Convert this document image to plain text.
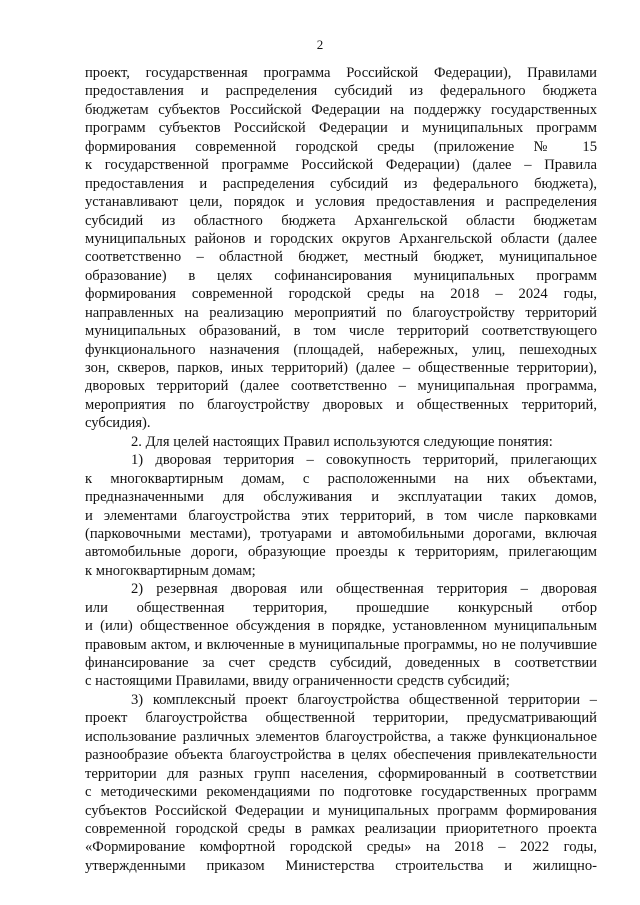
2

проект, государственная программа Российской Федерации), Правилами
предоставления и распределения субсидий из федерального бюджета
бюджетам субъектов Российской Федерации на поддержку государственных
программ субъектов Российской Федерации и муниципальных программ
формирования современной городской среды (приложение № 15
к государственной программе Российской Федерации) (далее – Правила
предоставления и распределения субсидий из федерального бюджета),
устанавливают цели, порядок и условия предоставления и распределения
субсидий из областного бюджета Архангельской области бюджетам
муниципальных районов и городских округов Архангельской области (далее
соответственно – областной бюджет, местный бюджет, муниципальное
образование) в целях софинансирования муниципальных программ
формирования современной городской среды на 2018 – 2024 годы,
направленных на реализацию мероприятий по благоустройству территорий
муниципальных образований, в том числе территорий соответствующего
функционального назначения (площадей, набережных, улиц, пешеходных
зон, скверов, парков, иных территорий) (далее – общественные территории),
дворовых территорий (далее соответственно – муниципальная программа,
мероприятия по благоустройству дворовых и общественных территорий,
субсидия).

2. Для целей настоящих Правил используются следующие понятия:

1) дворовая территория – совокупность территорий, прилегающих
к многоквартирным домам, с расположенными на них объектами,
предназначенными для обслуживания и эксплуатации таких домов,
и элементами благоустройства этих территорий, в том числе парковками
(парковочными местами), тротуарами и автомобильными дорогами, включая
автомобильные дороги, образующие проезды к территориям, прилегающим
к многоквартирным домам;

2) резервная дворовая или общественная территория – дворовая
или общественная территория, прошедшие конкурсный отбор
и (или) общественное обсуждения в порядке, установленном муниципальным
правовым актом, и включенные в муниципальные программы, но не получившие
финансирование за счет средств субсидий, доведенных в соответствии
с настоящими Правилами, ввиду ограниченности средств субсидий;

3) комплексный проект благоустройства общественной территории –
проект благоустройства общественной территории, предусматривающий
использование различных элементов благоустройства, а также функциональное
разнообразие объекта благоустройства в целях обеспечения привлекательности
территории для разных групп населения, сформированный в соответствии
с методическими рекомендациями по подготовке государственных программ
субъектов Российской Федерации и муниципальных программ формирования
современной городской среды в рамках реализации приоритетного проекта
«Формирование комфортной городской среды» на 2018 – 2022 годы,
утвержденными приказом Министерства строительства и жилищно-
